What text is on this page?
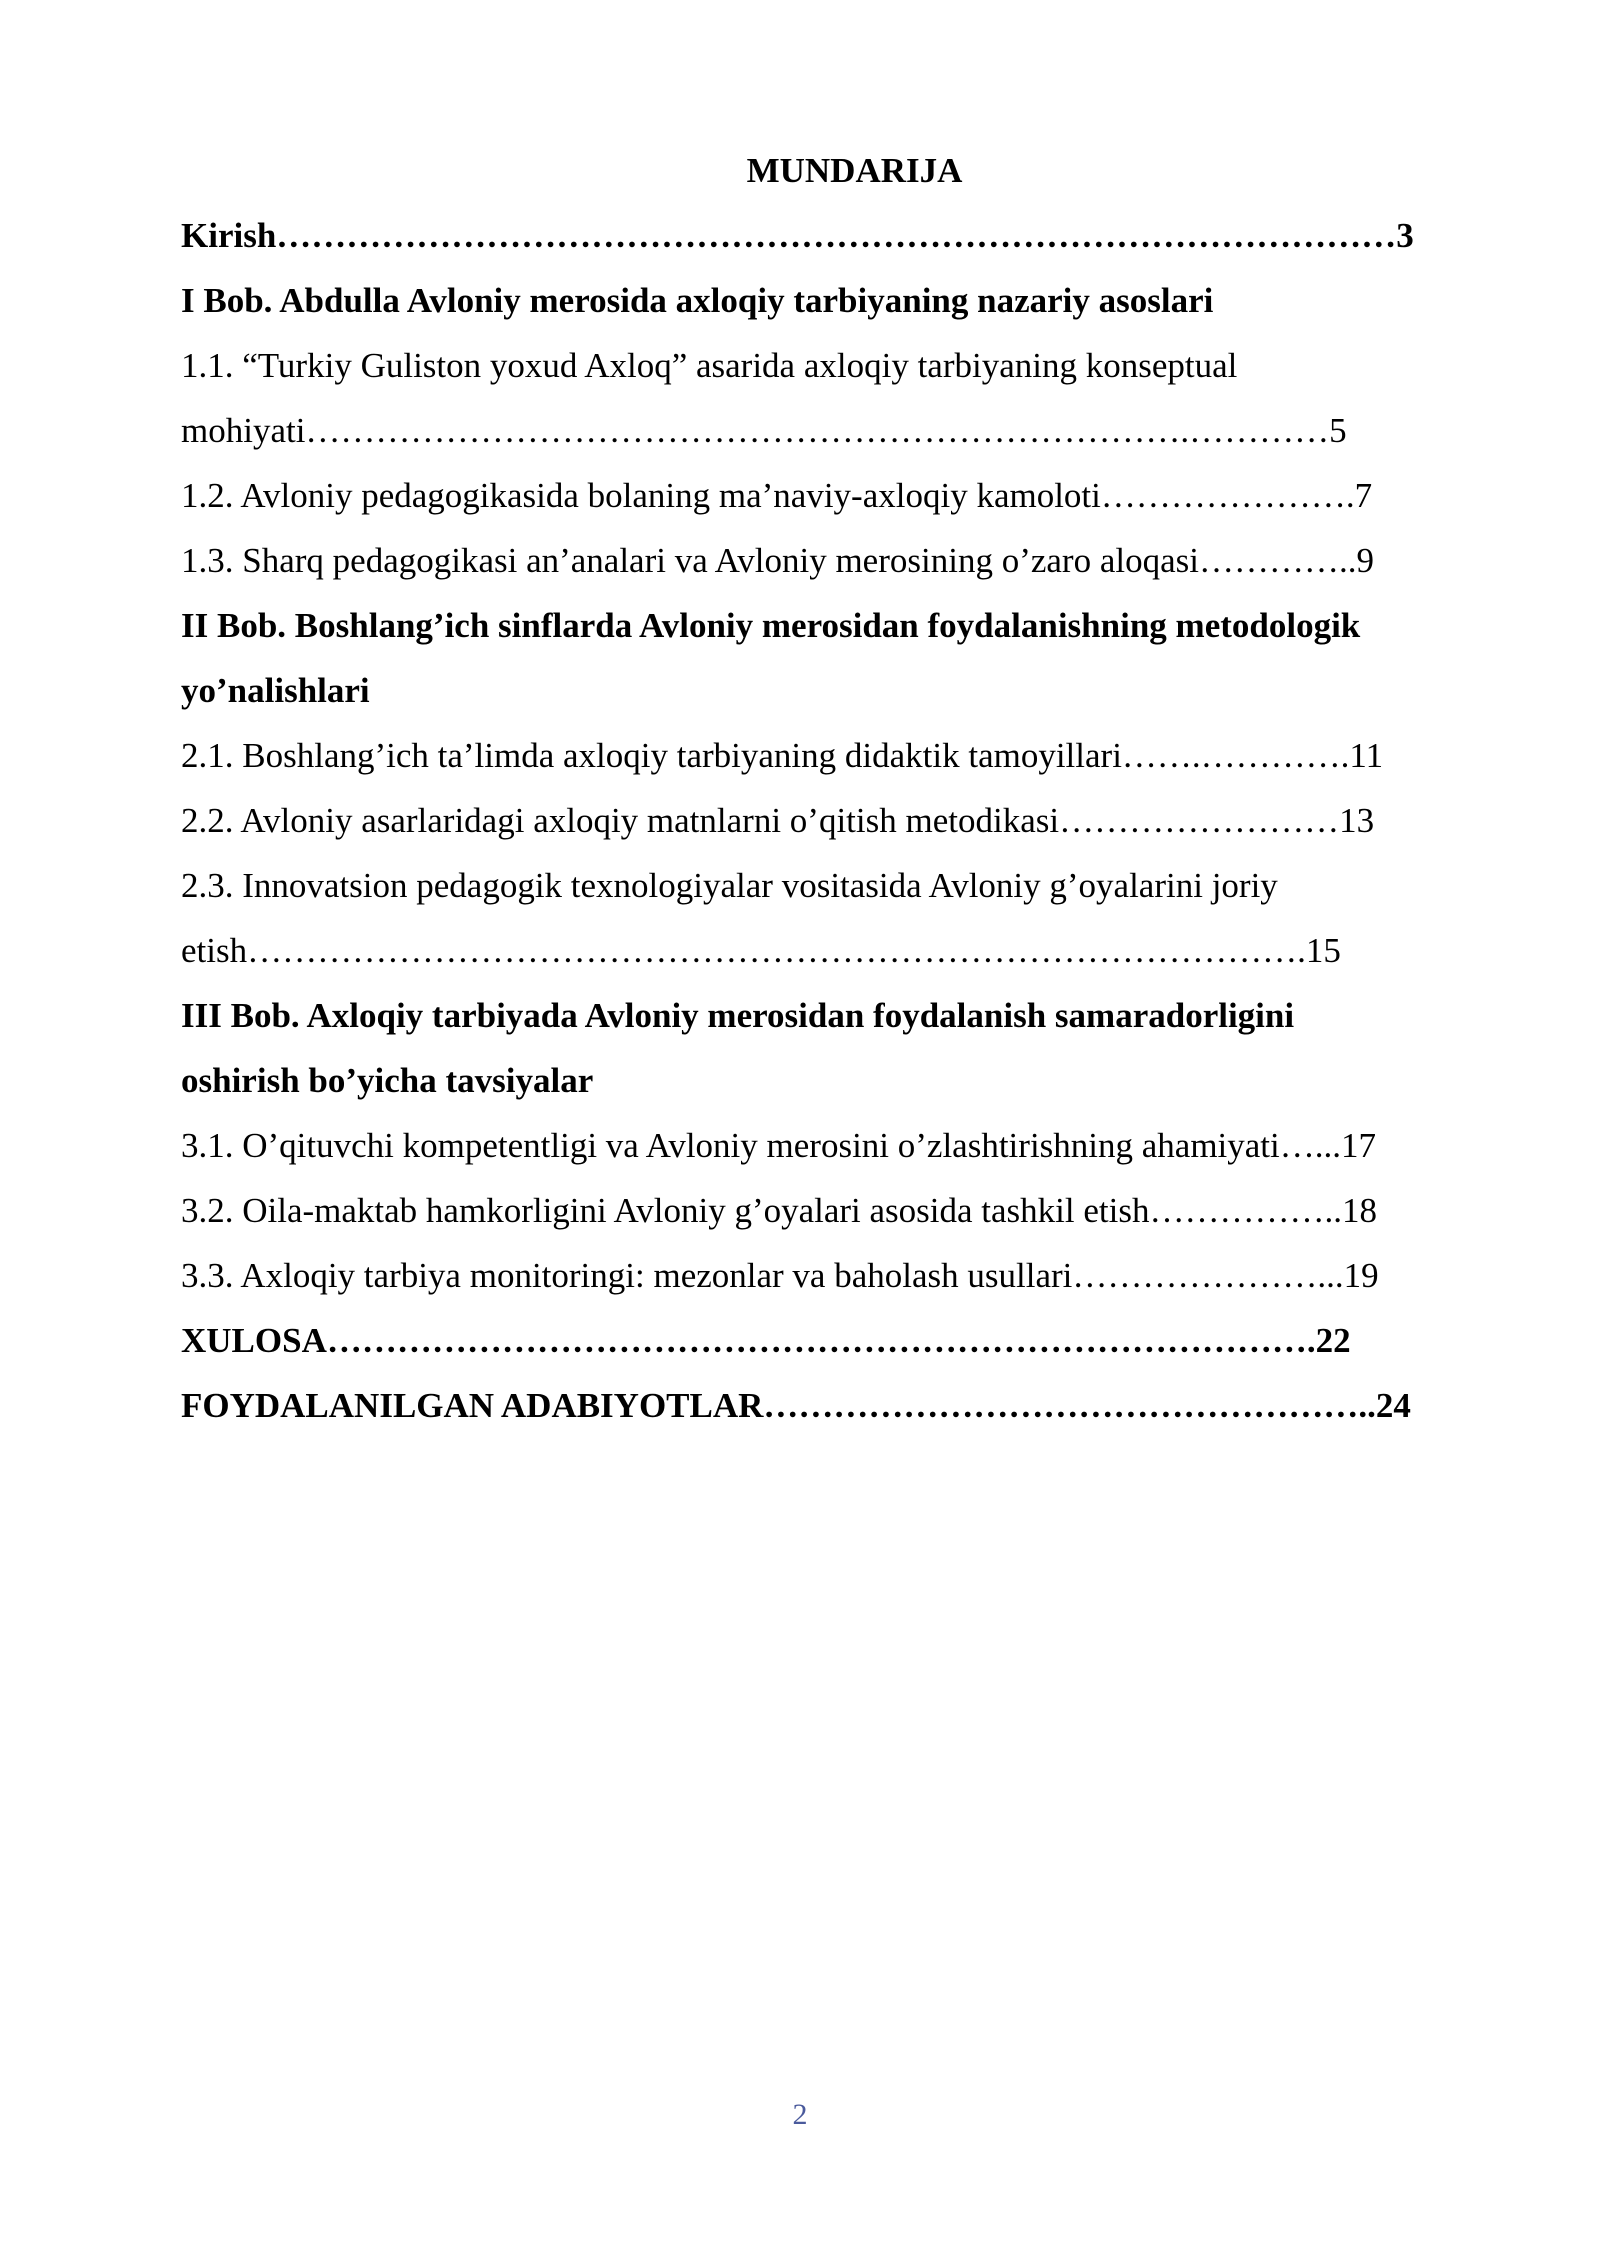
MUNDARIJA
Kirish……………………………………………………………………………………3
I Bob. Abdulla Avloniy merosida axloqiy tarbiyaning nazariy asoslari
1.1. “Turkiy Guliston yoxud Axloq” asarida axloqiy tarbiyaning konseptual
mohiyati………………………………………………………………….…………5
1.2. Avloniy pedagogikasida bolaning ma’naviy-axloqiy kamoloti………………….7
1.3. Sharq pedagogikasi an’analari va Avloniy merosining o’zaro aloqasi…………..9
II Bob. Boshlang’ich sinflarda Avloniy merosidan foydalanishning metodologik
yo’nalishlari
2.1. Boshlang’ich ta’limda axloqiy tarbiyaning didaktik tamoyillari…….………….11
2.2. Avloniy asarlaridagi axloqiy matnlarni o’qitish metodikasi……………………13
2.3. Innovatsion pedagogik texnologiyalar vositasida Avloniy g’oyalarini joriy
etish……………………………………………………………………………….15
III Bob. Axloqiy tarbiyada Avloniy merosidan foydalanish samaradorligini
oshirish bo’yicha tavsiyalar
3.1. O’qituvchi kompetentligi va Avloniy merosini o’zlashtirishning ahamiyati…...17
3.2. Oila-maktab hamkorligini Avloniy g’oyalari asosida tashkil etish……………..18
3.3. Axloqiy tarbiya monitoringi: mezonlar va baholash usullari…………………...19
XULOSA………………………………………………………………………….22
FOYDALANILGAN ADABIYOTLAR……………………………………………..24
2
